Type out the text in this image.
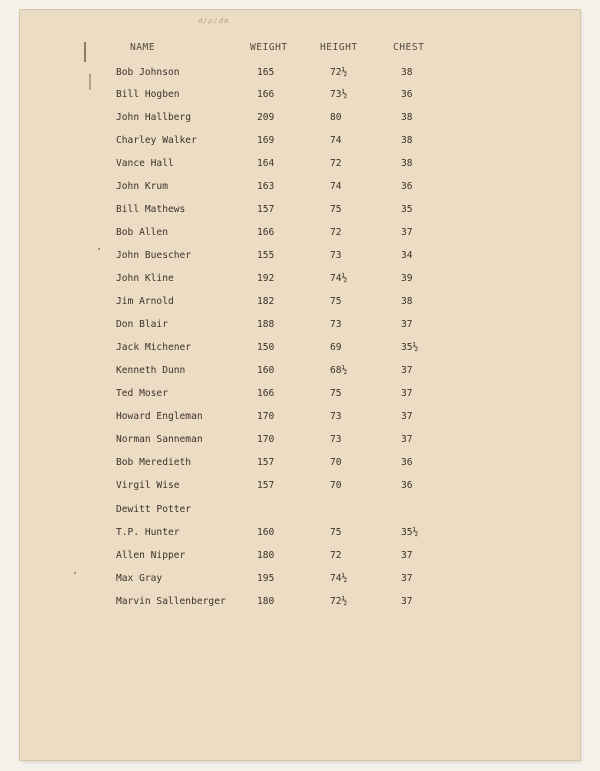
d/p/dm
NAME	WEIGHT	HEIGHT	CHEST
Bob Johnson	165	72½	38
Bill Hogben	166	73½	36
John Hallberg	209	80	38
Charley Walker	169	74	38
Vance Hall	164	72	38
John Krum	163	74	36
Bill Mathews	157	75	35
Bob Allen	166	72	37
John Buescher	155	73	34
John Kline	192	74½	39
Jim Arnold	182	75	38
Don Blair	188	73	37
Jack Michener	150	69	35½
Kenneth Dunn	160	68½	37
Ted Moser	166	75	37
Howard Engleman	170	73	37
Norman Sanneman	170	73	37
Bob Meredieth	157	70	36
Virgil Wise	157	70	36
Dewitt Potter
T.P. Hunter	160	75	35½
Allen Nipper	180	72	37
Max Gray	195	74½	37
Marvin Sallenberger	180	72½	37
